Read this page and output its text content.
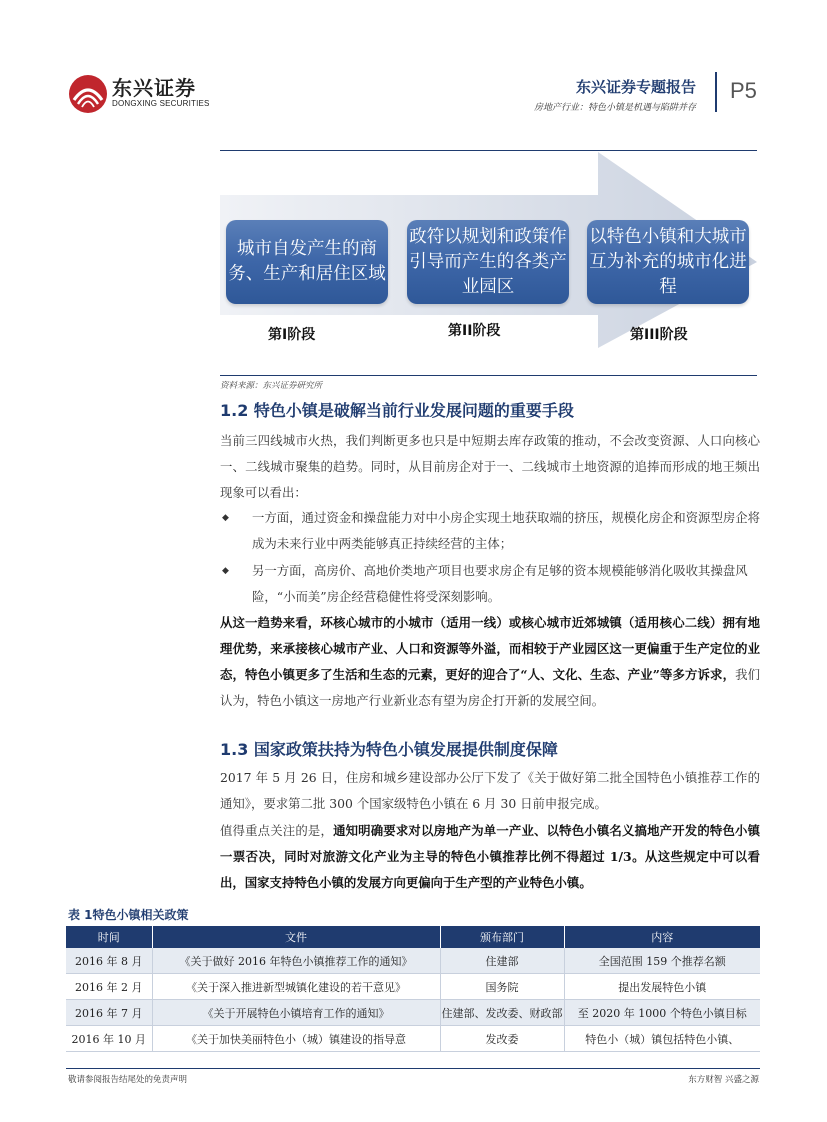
东兴证券
DONGXING SECURITIES
东兴证券专题报告
房地产行业：特色小镇是机遇与陷阱并存
P5
城市自发产生的商务、生产和居住区域
政符以规划和政策作引导而产生的各类产业园区
以特色小镇和大城市互为补充的城市化进程
第I阶段	第II阶段	第III阶段
资料来源：东兴证券研究所
1.2 特色小镇是破解当前行业发展问题的重要手段
当前三四线城市火热，我们判断更多也只是中短期去库存政策的推动，不会改变资源、人口向核心一、二线城市聚集的趋势。同时，从目前房企对于一、二线城市土地资源的追捧而形成的地王频出现象可以看出：
◆ 一方面，通过资金和操盘能力对中小房企实现土地获取端的挤压，规模化房企和资源型房企将成为未来行业中两类能够真正持续经营的主体；
◆ 另一方面，高房价、高地价类地产项目也要求房企有足够的资本规模能够消化吸收其操盘风险，“小而美”房企经营稳健性将受深刻影响。
从这一趋势来看，环核心城市的小城市（适用一线）或核心城市近郊城镇（适用核心二线）拥有地理优势，来承接核心城市产业、人口和资源等外溢，而相较于产业园区这一更偏重于生产定位的业态，特色小镇更多了生活和生态的元素，更好的迎合了“人、文化、生态、产业”等多方诉求，我们认为，特色小镇这一房地产行业新业态有望为房企打开新的发展空间。
1.3 国家政策扶持为特色小镇发展提供制度保障
2017 年 5 月 26 日，住房和城乡建设部办公厅下发了《关于做好第二批全国特色小镇推荐工作的通知》，要求第二批 300 个国家级特色小镇在 6 月 30 日前申报完成。
值得重点关注的是，通知明确要求对以房地产为单一产业、以特色小镇名义搞地产开发的特色小镇一票否决，同时对旅游文化产业为主导的特色小镇推荐比例不得超过 1/3。从这些规定中可以看出，国家支持特色小镇的发展方向更偏向于生产型的产业特色小镇。
表 1特色小镇相关政策
时间	文件	颁布部门	内容
2016 年 8 月	《关于做好 2016 年特色小镇推荐工作的通知》	住建部	全国范围 159 个推荐名额
2016 年 2 月	《关于深入推进新型城镇化建设的若干意见》	国务院	提出发展特色小镇
2016 年 7 月	《关于开展特色小镇培育工作的通知》	住建部、发改委、财政部	至 2020 年 1000 个特色小镇目标
2016 年 10 月	《关于加快美丽特色小（城）镇建设的指导意	发改委	特色小（城）镇包括特色小镇、
敬请参阅报告结尾处的免责声明	东方财智 兴盛之源
